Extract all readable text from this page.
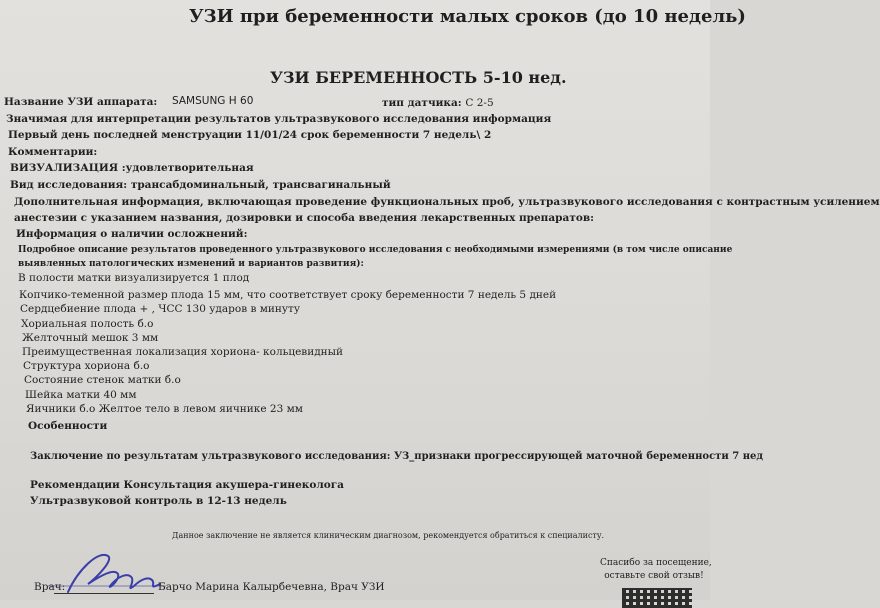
УЗИ при беременности малых сроков (до 10 недель)
УЗИ БЕРЕМЕННОСТЬ 5-10 нед.
Название УЗИ аппарата: SAMSUNG H 60	тип датчика: С 2-5
Значимая для интерпретации результатов ультразвукового исследования информация
Первый день последней менструации 11/01/24 срок беременности 7 недель\ 2
Комментарии:
ВИЗУАЛИЗАЦИЯ :удовлетворительная
Вид исследования: трансабдоминальный, трансвагинальный
Дополнительная информация, включающая проведение функциональных проб, ультразвукового исследования с контрастным усилением
анестезии с указанием названия, дозировки и способа введения лекарственных препаратов:
Информация о наличии осложнений:
Подробное описание результатов проведенного ультразвукового исследования с необходимыми измерениями (в том числе описание
выявленных патологических изменений и вариантов развития):
В полости матки визуализируется 1 плод
Копчико-теменной размер плода 15 мм, что соответствует сроку беременности 7 недель 5 дней
Сердцебиение плода + , ЧСС 130 ударов в минуту
Хориальная полость б.о
Желточный мешок 3 мм
Преимущественная локализация хориона- кольцевидный
Структура хориона б.о
Состояние стенок матки б.о
Шейка матки 40 мм
Яичники б.о Желтое тело в левом яичнике 23 мм
Особенности
Заключение по результатам ультразвукового исследования: УЗ_признаки прогрессирующей маточной беременности 7 нед
Рекомендации Консультация акушера-гинеколога
Ультразвуковой контроль в 12-13 недель
Данное заключение не является клиническим диагнозом, рекомендуется обратиться к специалисту.
Врач:	Барчо Марина Калырбечевна, Врач УЗИ
Спасибо за посещение,
оставьте свой отзыв!
